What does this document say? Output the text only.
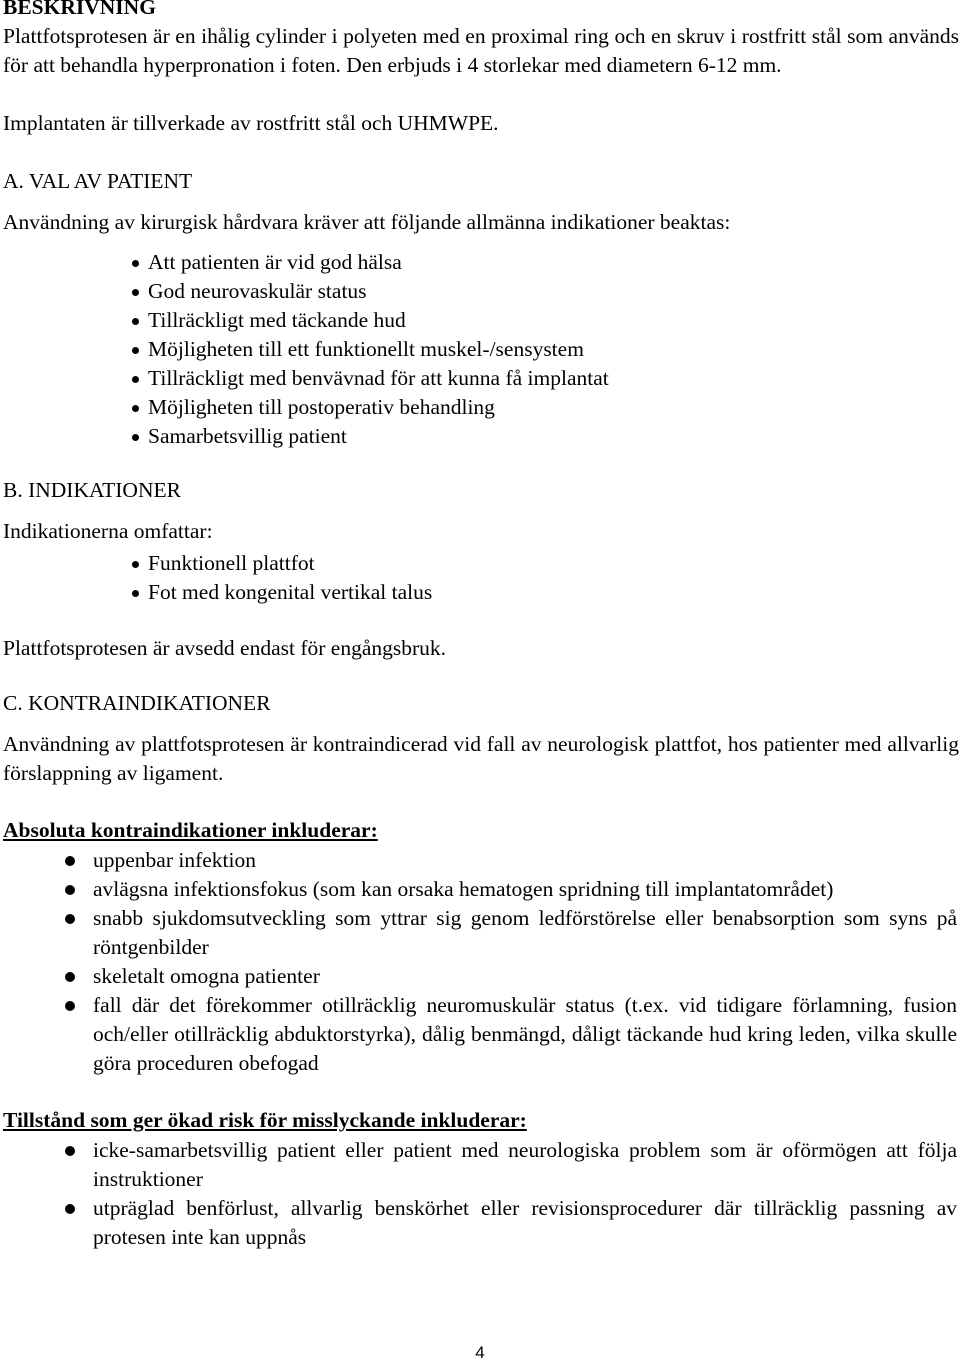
BESKRIVNING

Plattfotsprotesen är en ihålig cylinder i polyeten med en proximal ring och en skruv i rostfritt stål som används för att behandla hyperpronation i foten. Den erbjuds i 4 storlekar med diametern 6-12 mm.

Implantaten är tillverkade av rostfritt stål och UHMWPE.

A. VAL AV PATIENT

Användning av kirurgisk hårdvara kräver att följande allmänna indikationer beaktas:

Att patienten är vid god hälsa
God neurovaskulär status
Tillräckligt med täckande hud
Möjligheten till ett funktionellt muskel-/sensystem
Tillräckligt med benvävnad för att kunna få implantat
Möjligheten till postoperativ behandling
Samarbetsvillig patient
B. INDIKATIONER

Indikationerna omfattar:

Funktionell plattfot
Fot med kongenital vertikal talus

Plattfotsprotesen är avsedd endast för engångsbruk.

C. KONTRAINDIKATIONER

Användning av plattfotsprotesen är kontraindicerad vid fall av neurologisk plattfot, hos patienter med allvarlig förslappning av ligament.

Absoluta kontraindikationer inkluderar:

uppenbar infektion
avlägsna infektionsfokus (som kan orsaka hematogen spridning till implantatområdet)
snabb sjukdomsutveckling som yttrar sig genom ledförstörelse eller benabsorption som syns på röntgenbilder
skeletalt omogna patienter
fall där det förekommer otillräcklig neuromuskulär status (t.ex. vid tidigare förlamning, fusion och/eller otillräcklig abduktorstyrka), dålig benmängd, dåligt täckande hud kring leden, vilka skulle göra proceduren obefogad

Tillstånd som ger ökad risk för misslyckande inkluderar:

icke-samarbetsvillig patient eller patient med neurologiska problem som är oförmögen att följa instruktioner
utpräglad benförlust, allvarlig benskörhet eller revisionsprocedurer där tillräcklig passning av protesen inte kan uppnås
4
